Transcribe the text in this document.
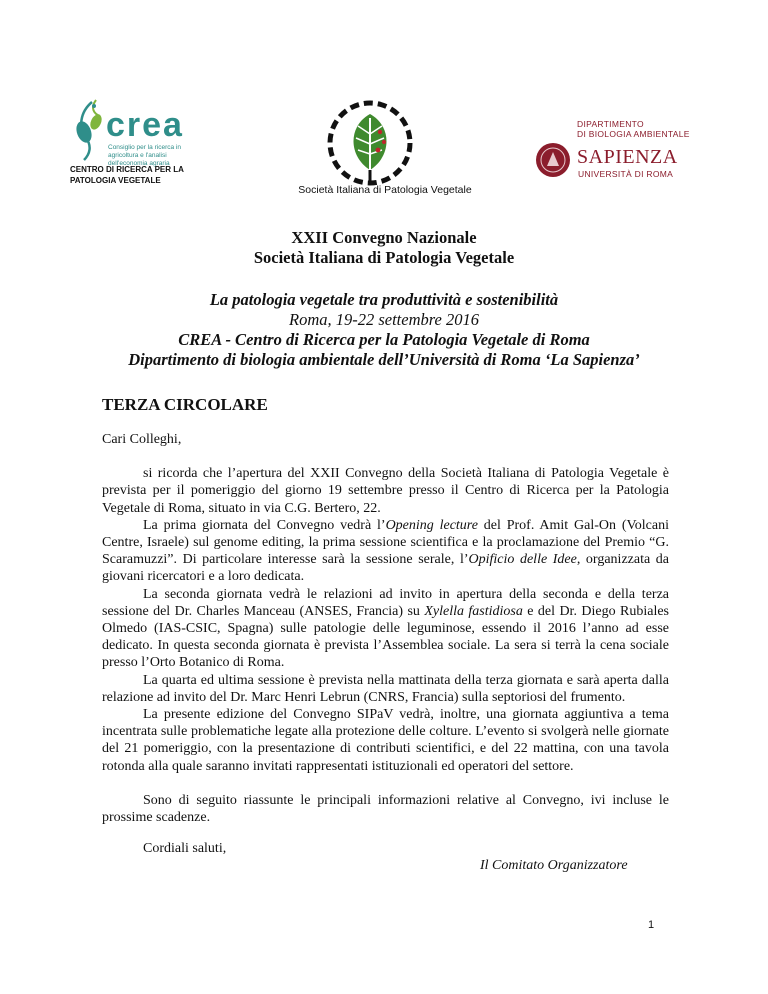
crea
Consiglio per la ricerca in agricoltura e l'analisi dell'economia agraria
CENTRO DI RICERCA PER LA PATOLOGIA VEGETALE
Società Italiana di Patologia Vegetale
DIPARTIMENTO
DI BIOLOGIA AMBIENTALE
SAPIENZA
UNIVERSITÀ DI ROMA
XXII Convegno Nazionale
Società Italiana di Patologia Vegetale
La patologia vegetale tra produttività e sostenibilità
Roma, 19-22 settembre 2016
CREA - Centro di Ricerca per la Patologia Vegetale di Roma
Dipartimento di biologia ambientale dell’Università di Roma ‘La Sapienza’
TERZA CIRCOLARE

Cari Colleghi,

si ricorda che l’apertura del XXII Convegno della Società Italiana di Patologia Vegetale è prevista per il pomeriggio del giorno 19 settembre presso il Centro di Ricerca per la Patologia Vegetale di Roma, situato in via C.G. Bertero, 22.

La prima giornata del Convegno vedrà l’Opening lecture del Prof. Amit Gal-On (Volcani Centre, Israele) sul genome editing, la prima sessione scientifica e la proclamazione del Premio “G. Scaramuzzi”. Di particolare interesse sarà la sessione serale, l’Opificio delle Idee, organizzata da giovani ricercatori e a loro dedicata.

La seconda giornata vedrà le relazioni ad invito in apertura della seconda e della terza sessione del Dr. Charles Manceau (ANSES, Francia) su Xylella fastidiosa e del Dr. Diego Rubiales Olmedo (IAS-CSIC, Spagna) sulle patologie delle leguminose, essendo il 2016 l’anno ad esse dedicato. In questa seconda giornata è prevista l’Assemblea sociale. La sera si terrà la cena sociale presso l’Orto Botanico di Roma.

La quarta ed ultima sessione è prevista nella mattinata della terza giornata e sarà aperta dalla relazione ad invito del Dr. Marc Henri Lebrun (CNRS, Francia) sulla septoriosi del frumento.

La presente edizione del Convegno SIPaV vedrà, inoltre, una giornata aggiuntiva a tema incentrata sulle problematiche legate alla protezione delle colture. L’evento si svolgerà nelle giornate del 21 pomeriggio, con la presentazione di contributi scientifici, e del 22 mattina, con una tavola rotonda alla quale saranno invitati rappresentati istituzionali ed operatori del settore.

Sono di seguito riassunte le principali informazioni relative al Convegno, ivi incluse le prossime scadenze.

Cordiali saluti,
Il Comitato Organizzatore
1
